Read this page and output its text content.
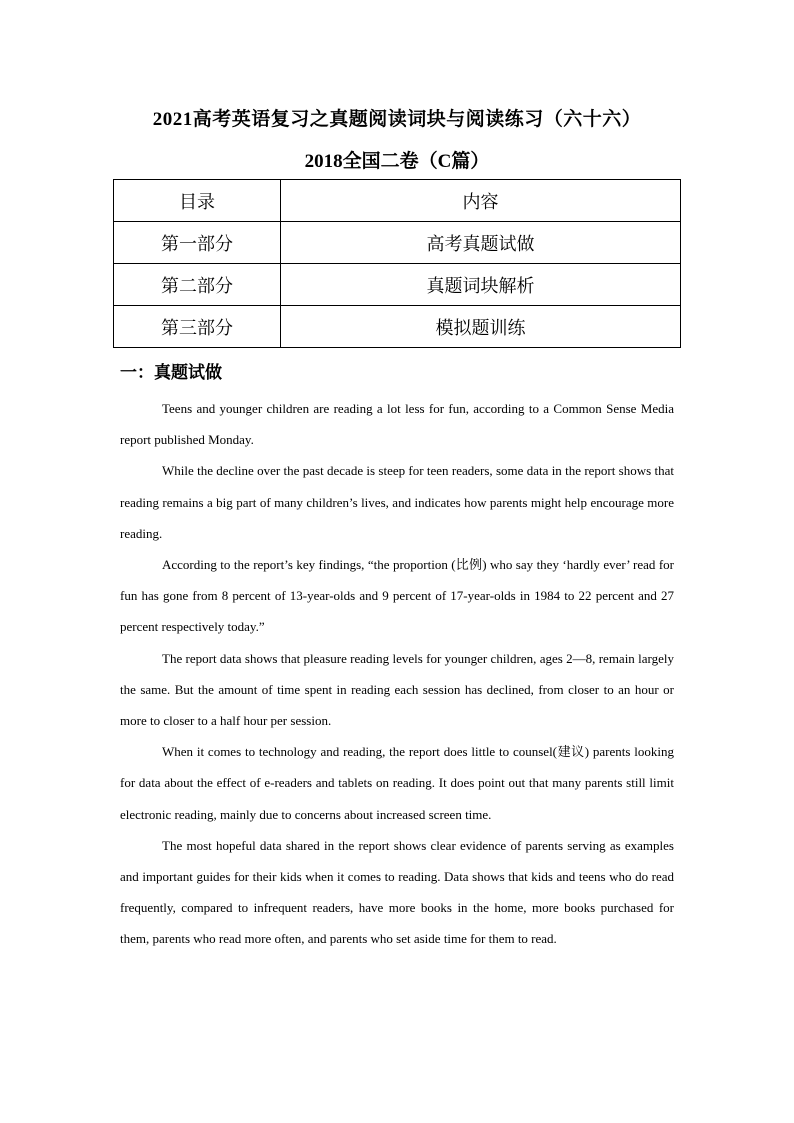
2021高考英语复习之真题阅读词块与阅读练习（六十六）
2018全国二卷（C篇）
目录	内容
第一部分	高考真题试做
第二部分	真题词块解析
第三部分	模拟题训练
一：真题试做

Teens and younger children are reading a lot less for fun, according to a Common Sense Media report published Monday.

While the decline over the past decade is steep for teen readers, some data in the report shows that reading remains a big part of many children’s lives, and indicates how parents might help encourage more reading.

According to the report’s key findings, “the proportion (比例) who say they ‘hardly ever’ read for fun has gone from 8 percent of 13-year-olds and 9 percent of 17-year-olds in 1984 to 22 percent and 27 percent respectively today.”

The report data shows that pleasure reading levels for younger children, ages 2—8, remain largely the same. But the amount of time spent in reading each session has declined, from closer to an hour or more to closer to a half hour per session.

When it comes to technology and reading, the report does little to counsel(建议) parents looking for data about the effect of e-readers and tablets on reading. It does point out that many parents still limit electronic reading, mainly due to concerns about increased screen time.

The most hopeful data shared in the report shows clear evidence of parents serving as examples and important guides for their kids when it comes to reading. Data shows that kids and teens who do read frequently, compared to infrequent readers, have more books in the home, more books purchased for them, parents who read more often, and parents who set aside time for them to read.
